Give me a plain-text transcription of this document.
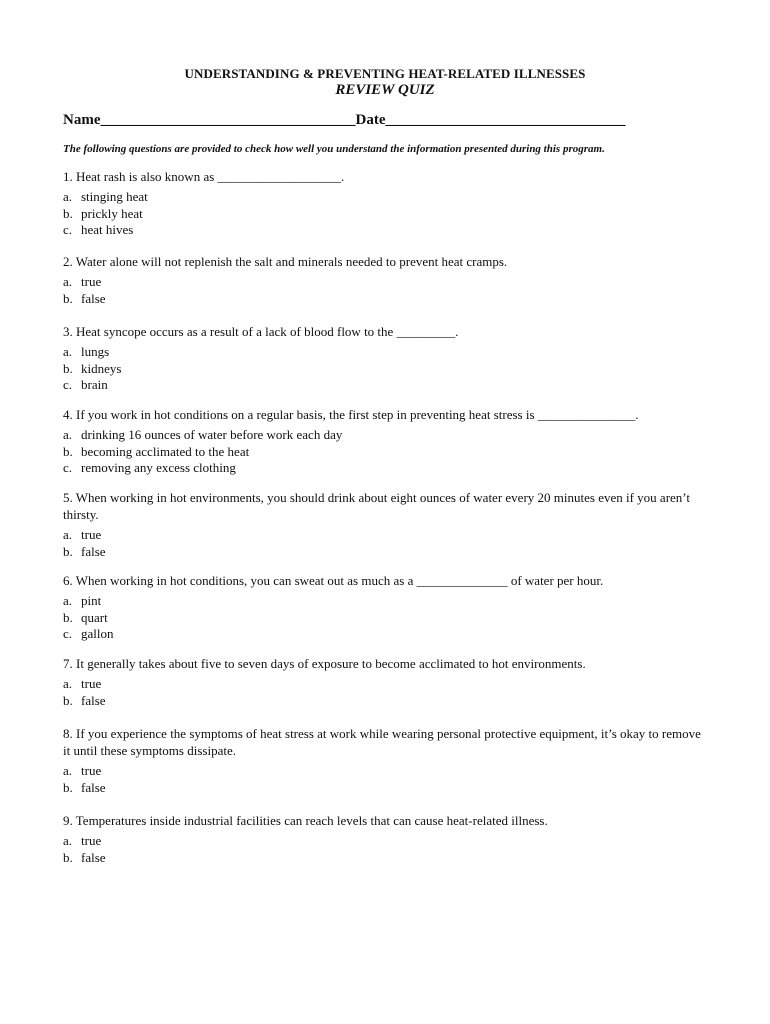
UNDERSTANDING & PREVENTING HEAT-RELATED ILLNESSES
REVIEW QUIZ
Name__________________________________Date________________________________
The following questions are provided to check how well you understand the information presented during this program.

1. Heat rash is also known as ___________________.

a. stinging heat
b. prickly heat
c. heat hives

2. Water alone will not replenish the salt and minerals needed to prevent heat cramps.

a. true
b. false

3. Heat syncope occurs as a result of a lack of blood flow to the _________.

a. lungs
b. kidneys
c. brain

4. If you work in hot conditions on a regular basis, the first step in preventing heat stress is _______________.

a. drinking 16 ounces of water before work each day
b. becoming acclimated to the heat
c. removing any excess clothing

5. When working in hot environments, you should drink about eight ounces of water every 20 minutes even if you aren’t thirsty.

a. true
b. false

6. When working in hot conditions, you can sweat out as much as a ______________ of water per hour.

a. pint
b. quart
c. gallon

7. It generally takes about five to seven days of exposure to become acclimated to hot environments.

a. true
b. false

8. If you experience the symptoms of heat stress at work while wearing personal protective equipment, it’s okay to remove it until these symptoms dissipate.

a. true
b. false

9. Temperatures inside industrial facilities can reach levels that can cause heat-related illness.

a. true
b. false
